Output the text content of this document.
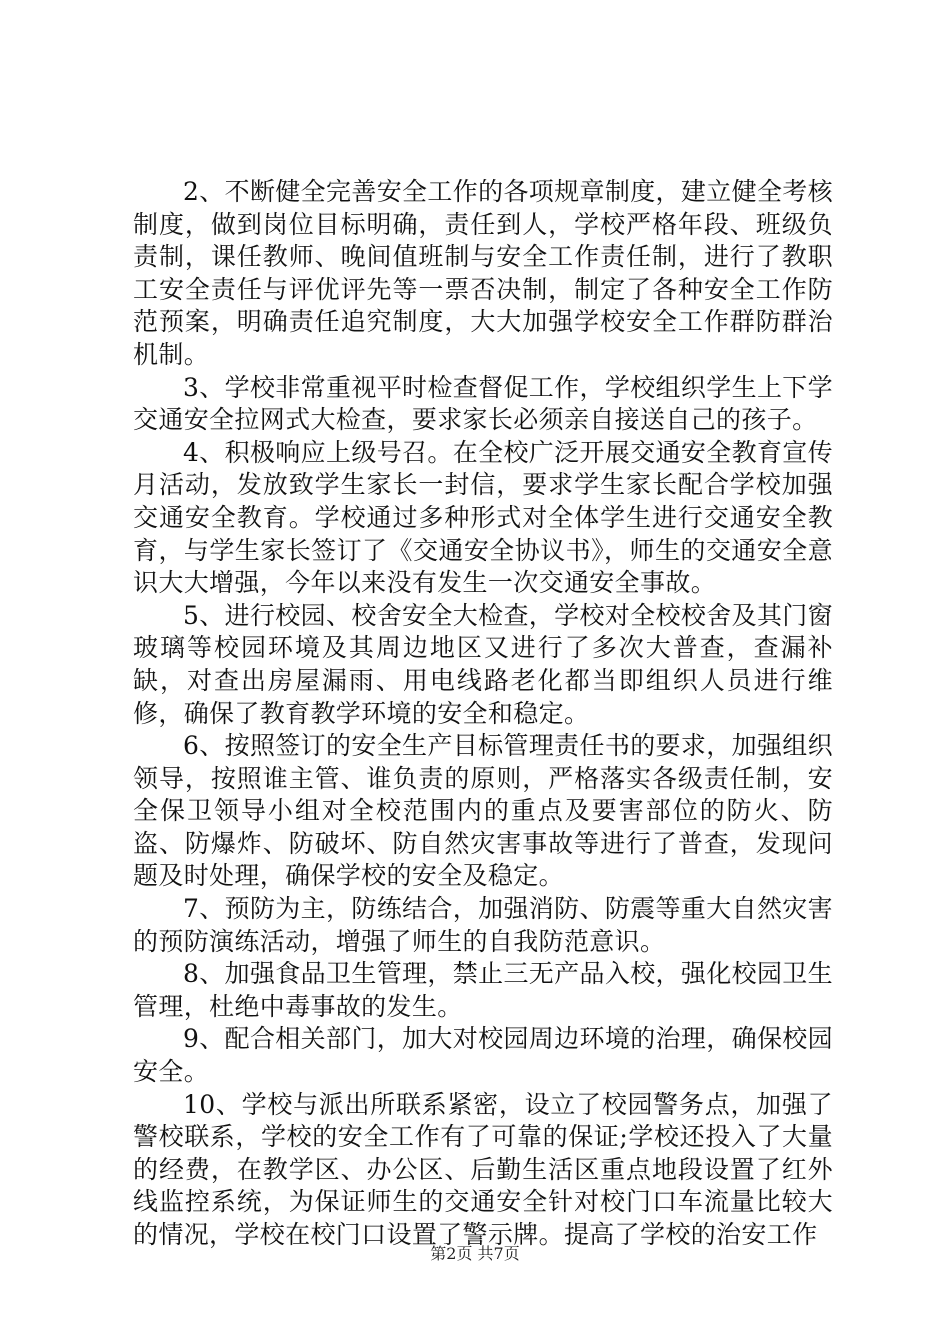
2、不断健全完善安全工作的各项规章制度，建立健全考核制度，做到岗位目标明确，责任到人，学校严格年段、班级负责制，课任教师、晚间值班制与安全工作责任制，进行了教职工安全责任与评优评先等一票否决制，制定了各种安全工作防范预案，明确责任追究制度，大大加强学校安全工作群防群治机制。

3、学校非常重视平时检查督促工作，学校组织学生上下学交通安全拉网式大检查，要求家长必须亲自接送自己的孩子。

4、积极响应上级号召。在全校广泛开展交通安全教育宣传月活动，发放致学生家长一封信，要求学生家长配合学校加强交通安全教育。学校通过多种形式对全体学生进行交通安全教育，与学生家长签订了《交通安全协议书》，师生的交通安全意识大大增强，今年以来没有发生一次交通安全事故。

5、进行校园、校舍安全大检查，学校对全校校舍及其门窗玻璃等校园环境及其周边地区又进行了多次大普查，查漏补缺，对查出房屋漏雨、用电线路老化都当即组织人员进行维修，确保了教育教学环境的安全和稳定。

6、按照签订的安全生产目标管理责任书的要求，加强组织领导，按照谁主管、谁负责的原则，严格落实各级责任制，安全保卫领导小组对全校范围内的重点及要害部位的防火、防盗、防爆炸、防破坏、防自然灾害事故等进行了普查，发现问题及时处理，确保学校的安全及稳定。

7、预防为主，防练结合，加强消防、防震等重大自然灾害的预防演练活动，增强了师生的自我防范意识。

8、加强食品卫生管理，禁止三无产品入校，强化校园卫生管理，杜绝中毒事故的发生。

9、配合相关部门，加大对校园周边环境的治理，确保校园安全。

10、学校与派出所联系紧密，设立了校园警务点，加强了警校联系，学校的安全工作有了可靠的保证;学校还投入了大量的经费，在教学区、办公区、后勤生活区重点地段设置了红外线监控系统，为保证师生的交通安全针对校门口车流量比较大的情况，学校在校门口设置了警示牌。提高了学校的治安工作

第2页 共7页
